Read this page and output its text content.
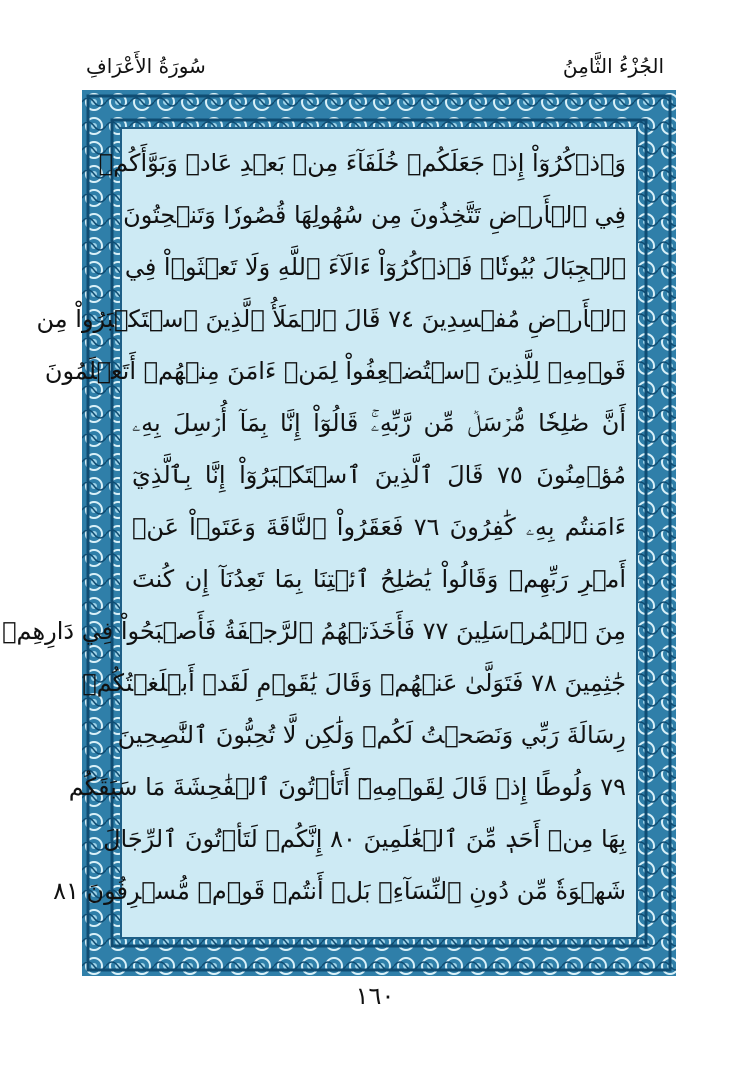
سُورَةُ الأَعْرَافِ	الجُزْءُ الثَّامِنُ
وَٱذۡكُرُوٓاْ إِذۡ جَعَلَكُمۡ خُلَفَآءَ مِنۢ بَعۡدِ عَادٖ وَبَوَّأَكُمۡ
فِي ٱلۡأَرۡضِ تَتَّخِذُونَ مِن سُهُولِهَا قُصُورٗا وَتَنۡحِتُونَ
ٱلۡجِبَالَ بُيُوتٗاۖ فَٱذۡكُرُوٓاْ ءَالَآءَ ٱللَّهِ وَلَا تَعۡثَوۡاْ فِي
ٱلۡأَرۡضِ مُفۡسِدِينَ ٧٤ قَالَ ٱلۡمَلَأُ ٱلَّذِينَ ٱسۡتَكۡبَرُواْ مِن
قَوۡمِهِۦ لِلَّذِينَ ٱسۡتُضۡعِفُواْ لِمَنۡ ءَامَنَ مِنۡهُمۡ أَتَعۡلَمُونَ
أَنَّ صَٰلِحٗا مُّرۡسَلٞ مِّن رَّبِّهِۦۚ قَالُوٓاْ إِنَّا بِمَآ أُرۡسِلَ بِهِۦ
مُؤۡمِنُونَ ٧٥ قَالَ ٱلَّذِينَ ٱسۡتَكۡبَرُوٓاْ إِنَّا بِٱلَّذِيٓ
ءَامَنتُم بِهِۦ كَٰفِرُونَ ٧٦ فَعَقَرُواْ ٱلنَّاقَةَ وَعَتَوۡاْ عَنۡ
أَمۡرِ رَبِّهِمۡ وَقَالُواْ يَٰصَٰلِحُ ٱئۡتِنَا بِمَا تَعِدُنَآ إِن كُنتَ
مِنَ ٱلۡمُرۡسَلِينَ ٧٧ فَأَخَذَتۡهُمُ ٱلرَّجۡفَةُ فَأَصۡبَحُواْ فِي دَارِهِمۡ
جَٰثِمِينَ ٧٨ فَتَوَلَّىٰ عَنۡهُمۡ وَقَالَ يَٰقَوۡمِ لَقَدۡ أَبۡلَغۡتُكُمۡ
رِسَالَةَ رَبِّي وَنَصَحۡتُ لَكُمۡ وَلَٰكِن لَّا تُحِبُّونَ ٱلنَّٰصِحِينَ
٧٩ وَلُوطًا إِذۡ قَالَ لِقَوۡمِهِۦٓ أَتَأۡتُونَ ٱلۡفَٰحِشَةَ مَا سَبَقَكُم
بِهَا مِنۡ أَحَدٖ مِّنَ ٱلۡعَٰلَمِينَ ٨٠ إِنَّكُمۡ لَتَأۡتُونَ ٱلرِّجَالَ
شَهۡوَةٗ مِّن دُونِ ٱلنِّسَآءِۚ بَلۡ أَنتُمۡ قَوۡمٞ مُّسۡرِفُونَ ٨١
١٦٠
